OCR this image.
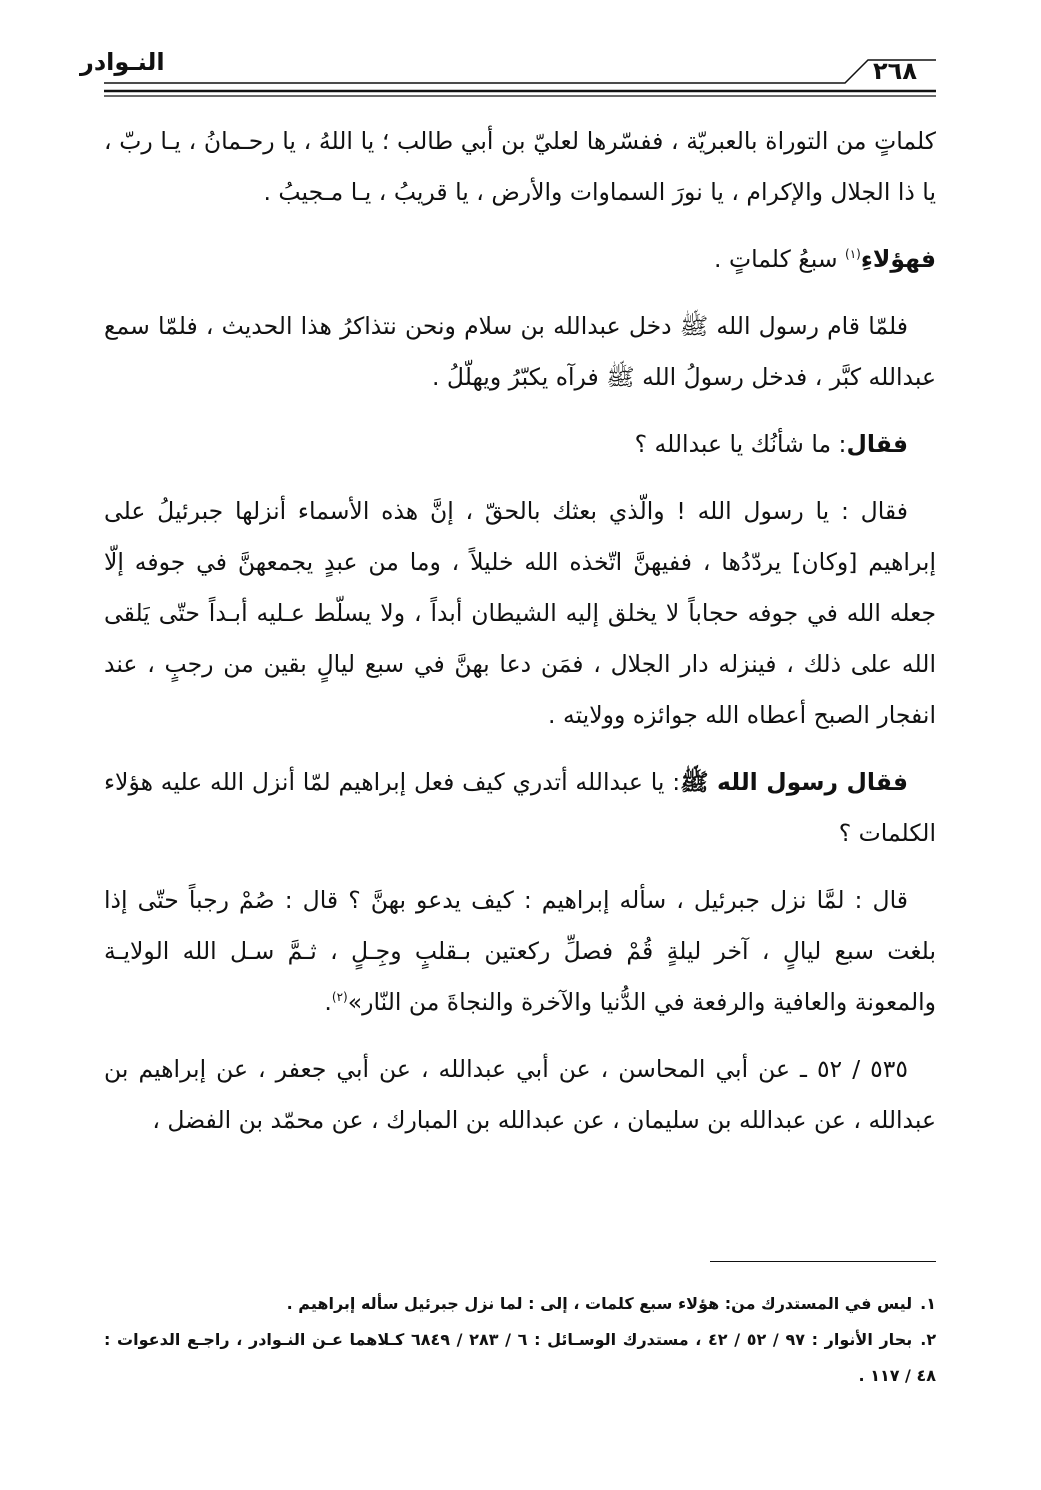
النـوادر	٢٦٨

كلماتٍ من التوراة بالعبريّة ، ففسّرها لعليّ بن أبي طالب ؛ يا اللهُ ، يا رحـمانُ ، يـا ربّ ، يا ذا الجلال والإكرام ، يا نورَ السماوات والأرض ، يا قريبُ ، يـا مـجيبُ .

فهؤلاءِ$^{(١)}$ سبعُ كلماتٍ .

فلمّا قام رسول الله ﷺ دخل عبدالله بن سلام ونحن نتذاكرُ هذا الحديث ، فلمّا سمع عبدالله كبَّر ، فدخل رسولُ الله ﷺ فرآه يكبّرُ ويهلّلُ .

فقال: ما شأنُك يا عبدالله ؟

فقال : يا رسول الله ! والّذي بعثك بالحقّ ، إنَّ هذه الأسماء أنزلها جبرئيلُ على إبراهيم [وكان] يردّدُها ، ففيهنَّ اتّخذه الله خليلاً ، وما من عبدٍ يجمعهنَّ في جوفه إلّا جعله الله في جوفه حجاباً لا يخلق إليه الشيطان أبداً ، ولا يسلّط عـليه أبـداً حتّى يَلقى الله على ذلك ، فينزله دار الجلال ، فمَن دعا بهنَّ في سبع ليالٍ بقين من رجبٍ ، عند انفجار الصبح أعطاه الله جوائزه وولايته .

فقال رسول الله ﷺ: يا عبدالله أتدري كيف فعل إبراهيم لمّا أنزل الله عليه هؤلاء الكلمات ؟

قال : لمَّا نزل جبرئيل ، سأله إبراهيم : كيف يدعو بهنَّ ؟ قال : صُمْ رجباً حتّى إذا بلغت سبع ليالٍ ، آخر ليلةٍ قُمْ فصلِّ ركعتين بـقلبٍ وجِـلٍ ، ثـمَّ سـل الله الولايـة والمعونة والعافية والرفعة في الدُّنيا والآخرة والنجاةَ من النّار»$^{(٢)}$.

٥٣٥ / ٥٢ ـ عن أبي المحاسن ، عن أبي عبدالله ، عن أبي جعفر ، عن إبراهيم بن عبدالله ، عن عبدالله بن سليمان ، عن عبدالله بن المبارك ، عن محمّد بن الفضل ،

١.ليس في المستدرك من: هؤلاء سبع كلمات ، إلى : لما نزل جبرئيل سأله إبراهيم .

٢.بحار الأنوار : ٩٧ / ٥٢ / ٤٢ ، مستدرك الوسـائل : ٦ / ٢٨٣ / ٦٨٤٩ كـلاهما عـن النـوادر ، راجـع الدعوات : ٤٨ / ١١٧ .
